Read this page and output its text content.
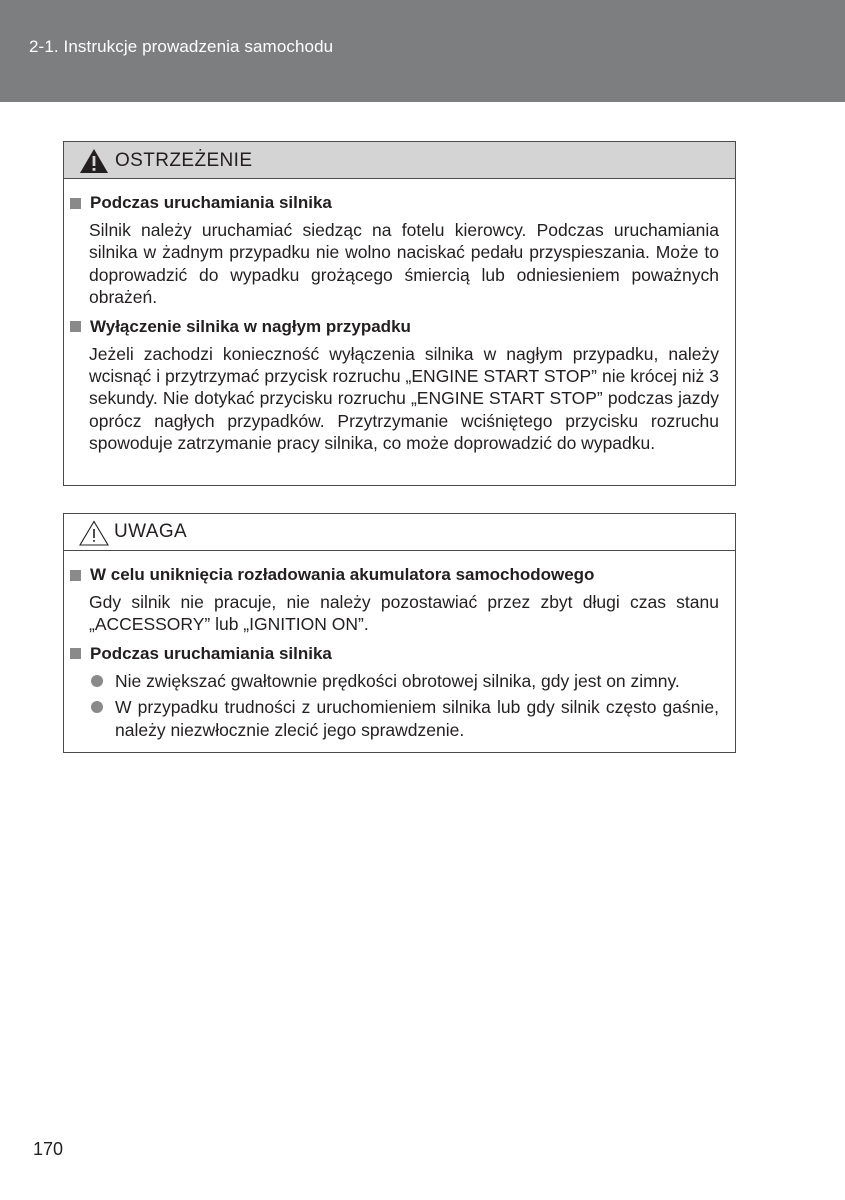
2-1. Instrukcje prowadzenia samochodu
OSTRZEŻENIE
Podczas uruchamiania silnika

Silnik należy uruchamiać siedząc na fotelu kierowcy. Podczas uruchamiania silnika w żadnym przypadku nie wolno naciskać pedału przyspieszania. Może to doprowadzić do wypadku grożącego śmiercią lub odniesieniem poważnych obrażeń.

Wyłączenie silnika w nagłym przypadku

Jeżeli zachodzi konieczność wyłączenia silnika w nagłym przypadku, należy wcisnąć i przytrzymać przycisk rozruchu „ENGINE START STOP” nie krócej niż 3 sekundy. Nie dotykać przycisku rozruchu „ENGINE START STOP” podczas jazdy oprócz nagłych przypadków. Przytrzymanie wciśniętego przycisku rozruchu spowoduje zatrzymanie pracy silnika, co może doprowadzić do wypadku.

UWAGA
W celu uniknięcia rozładowania akumulatora samochodowego

Gdy silnik nie pracuje, nie należy pozostawiać przez zbyt długi czas stanu „ACCESSORY” lub „IGNITION ON”.

Podczas uruchamiania silnika
Nie zwiększać gwałtownie prędkości obrotowej silnika, gdy jest on zimny.
W przypadku trudności z uruchomieniem silnika lub gdy silnik często gaśnie, należy niezwłocznie zlecić jego sprawdzenie.
170
